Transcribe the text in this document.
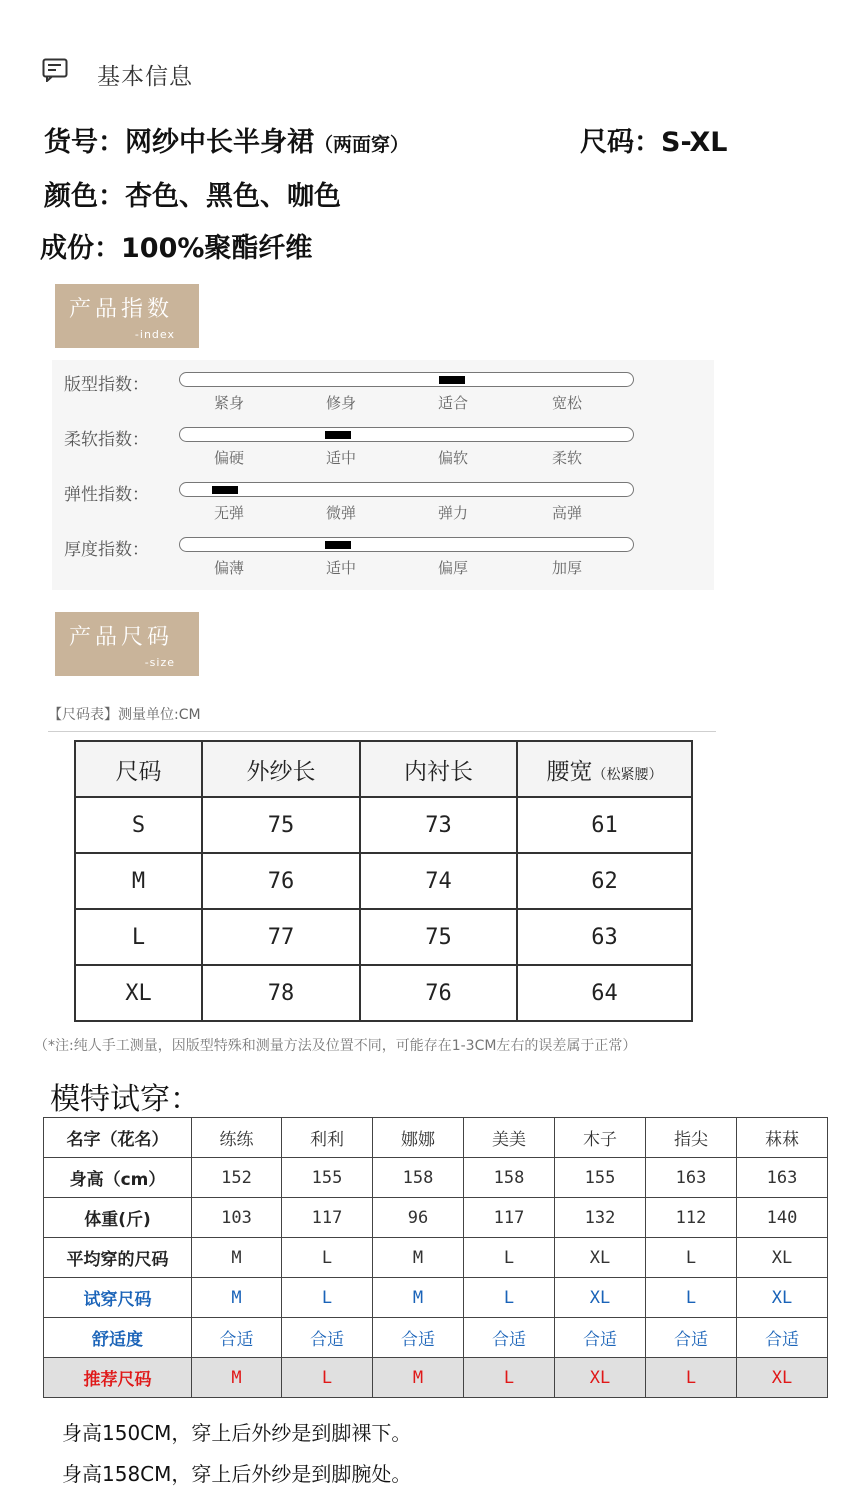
基本信息
货号：网纱中长半身裙（两面穿）	尺码：S-XL
颜色：杏色、黑色、咖色
成份：100%聚酯纤维
产品指数
-index
版型指数：
紧身	修身	适合	宽松
柔软指数：
偏硬	适中	偏软	柔软
弹性指数：
无弹	微弹	弹力	高弹
厚度指数：
偏薄	适中	偏厚	加厚
产品尺码
-size
【尺码表】测量单位:CM
尺码	外纱长	内衬长	腰宽（松紧腰）
S	75	73	61
M	76	74	62
L	77	75	63
XL	78	76	64
（*注:纯人手工测量，因版型特殊和测量方法及位置不同，可能存在1-3CM左右的误差属于正常）
模特试穿：
名字（花名）	练练	利利	娜娜	美美	木子	指尖	菻菻
身高（cm）	152	155	158	158	155	163	163
体重(斤)	103	117	96	117	132	112	140
平均穿的尺码	M	L	M	L	XL	L	XL
试穿尺码	M	L	M	L	XL	L	XL
舒适度	合适	合适	合适	合适	合适	合适	合适
推荐尺码	M	L	M	L	XL	L	XL
身高150CM，穿上后外纱是到脚裸下。
身高158CM，穿上后外纱是到脚腕处。
